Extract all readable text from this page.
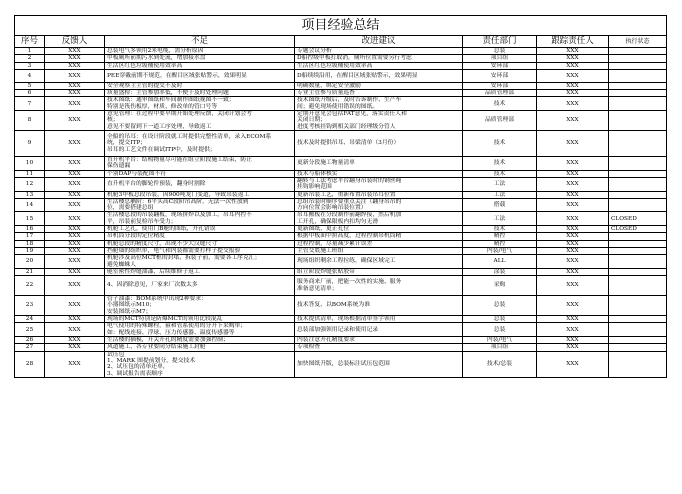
项目经验总结						
序号	反馈人	不足	改进建议	责任部门	跟踪责任人	执行状态
1	XXX	总装电气多领用2米电缆，需分析原因	专题会议分析	总装	XXX	
2	XXX	甲板厕所前期污水到处流，增加接水盘	D船控级甲板打取消，厕所位置需要另行考虑	项目组	XXX	
3	XXX	生活区红色垃圾桶使用效率高	生活区红色垃圾桶使用效率高	安环部	XXX	
4	XXX	PEE穿戴前期不规范，在醒目区域张贴警示，效果明显	D船续续沿用，在醒目区域张贴警示，效果明显	安环部	XXX	
5	XXX	安全观察主主管的提交不及时	明确数量，绑定安全激励	安环部	XXX	
6	XXX	质量盛检：主管参加率低，不便于及时处理问题	专业主管参与质量巡查	品质管理部	XXX	
7	XXX	技术图纸：通审图纸和车间制作图纸视图不一致；
特别是筏伤板厚，材质、修改单的管口号等	技术图纸升级后，及时告诉制作、生产车
间；避免现场使用错误的图纸。	技术	XXX	
8	XXX	意见管理：在过程中要早期开始处理反馈，关闭计划会考
核；
意见不要留到下一道工序处理，导致返工	定期开意见会包括FAT意见，落实责任人和
关闭日期；
进度考核挂钩到相关部门经理级分管人	品质管理部	XXX	
9	XXX	全船的吊耳：在设计阶段就工时提供完整性清单，录入ECOM系
统，提交ITP；
吊耳的工艺文件在调试ITP中，及时提供；	技术及时提供吊耳、吊梁清单（3月份）	技术	XXX	
10	XXX	直升机平台：结构物量尽可能在组立阶段施工结束，防止
保伤遗漏	更新分段施工物量清单	技术	XXX	
11	XXX	个别DAP与装配图不符	技术与船体核实	技术	XXX	
12	XXX	直升机平台的脚轮件预装，翻身时割除	翻转与工法考虑平台翻身吊装时的钢丝绳
挂钩影响范围	工法	XXX	
13	XXX	机舱3甲板总段吊装，因900吨龙门变道，导致吊装返工	更新吊装工艺，重新布置吊装吊耳位置	工法	XXX	
14	XXX	生活楼总舾阶：6平头高C段阶吊高阶，无法一次性放到
位，需要搭建总组	总组吊装时顺序要重点关注（翻身吊吊的
方向位置会影响吊装位置）	搭载	XXX	
15	XXX	生活楼总段的吊装翻板，现场拼焊以及加工，吊耳内控不
平，吊装前复检吊车受力；	吊耳搬板在分段制作前翻焊接，然后机加
工开孔，确保限板内扣均匀无滑	工法	XXX	CLOSED
16	XXX	机舱工艺孔，使用门B舱的图纸，开孔错误	更新图纸，更正孔位	技术	XXX	CLOSED
17	XXX	吊机筒分段的定位精度	根据甲板面中拼高度，过程控制吊机筒精	精控	XXX	
18	XXX	机舱总段的精度尺寸，出现不少大汉缝尺寸	过程控制，尽量减少累计误差	精控	XXX	
19	XXX	挡舱墙的组织单，电气和内装都需要打样子提交报验	主管交底施工班组	内装/电气	XXX	
20	XXX	机舱涉及高位MCT框的封堵，拆装子前，需要各工序克汇；
避免蜘蛛人	现场组织剩余工程拉练，确保区域完工	ALL	XXX	
21	XXX	舱室密性焊缝油漆，后续维修子返工	组立阶段焊缝张贴胶带	涂装	XXX	
22	XXX	4、因消除意见，厂家来厂次数太多	服务商来厂前，把能一次性的实施、服务
准备意见清单；	采购	XXX	
23	XXX	管子油漆：BOM系统中出现2种要求：
小器图纸示M10；
安装图纸示M7；	技术答复，以BOM系统为准	总装	XXX	
24	XXX	现场的MCT特别是防爆MCT的领用比较混乱	技术提供清单，现场根据清单签字领用	总装	XXX	
25	XXX	电气使用的特殊螺栓，箍和管系使用的分开下采购单；
如：配线连接、浮球、压力传感器、温度传感器等	总装部加强领用记录和使用记录	总装	XXX	
26	XXX	生活楼的插模，开关开孔的精度需要加强控制；	内装注意开孔精度要求	内装/电气	XXX	
27	XXX	风道施工，各专业要同分结束施工封舱	专项检查	项目组	XXX	
28	XXX	试压包
1、MARK 图提前划分，提交技术
2、试压包的清单还单，
3、调试报告需表顺序	加快图纸升版，总装标注试压包范围	技术/总装	XXX	
